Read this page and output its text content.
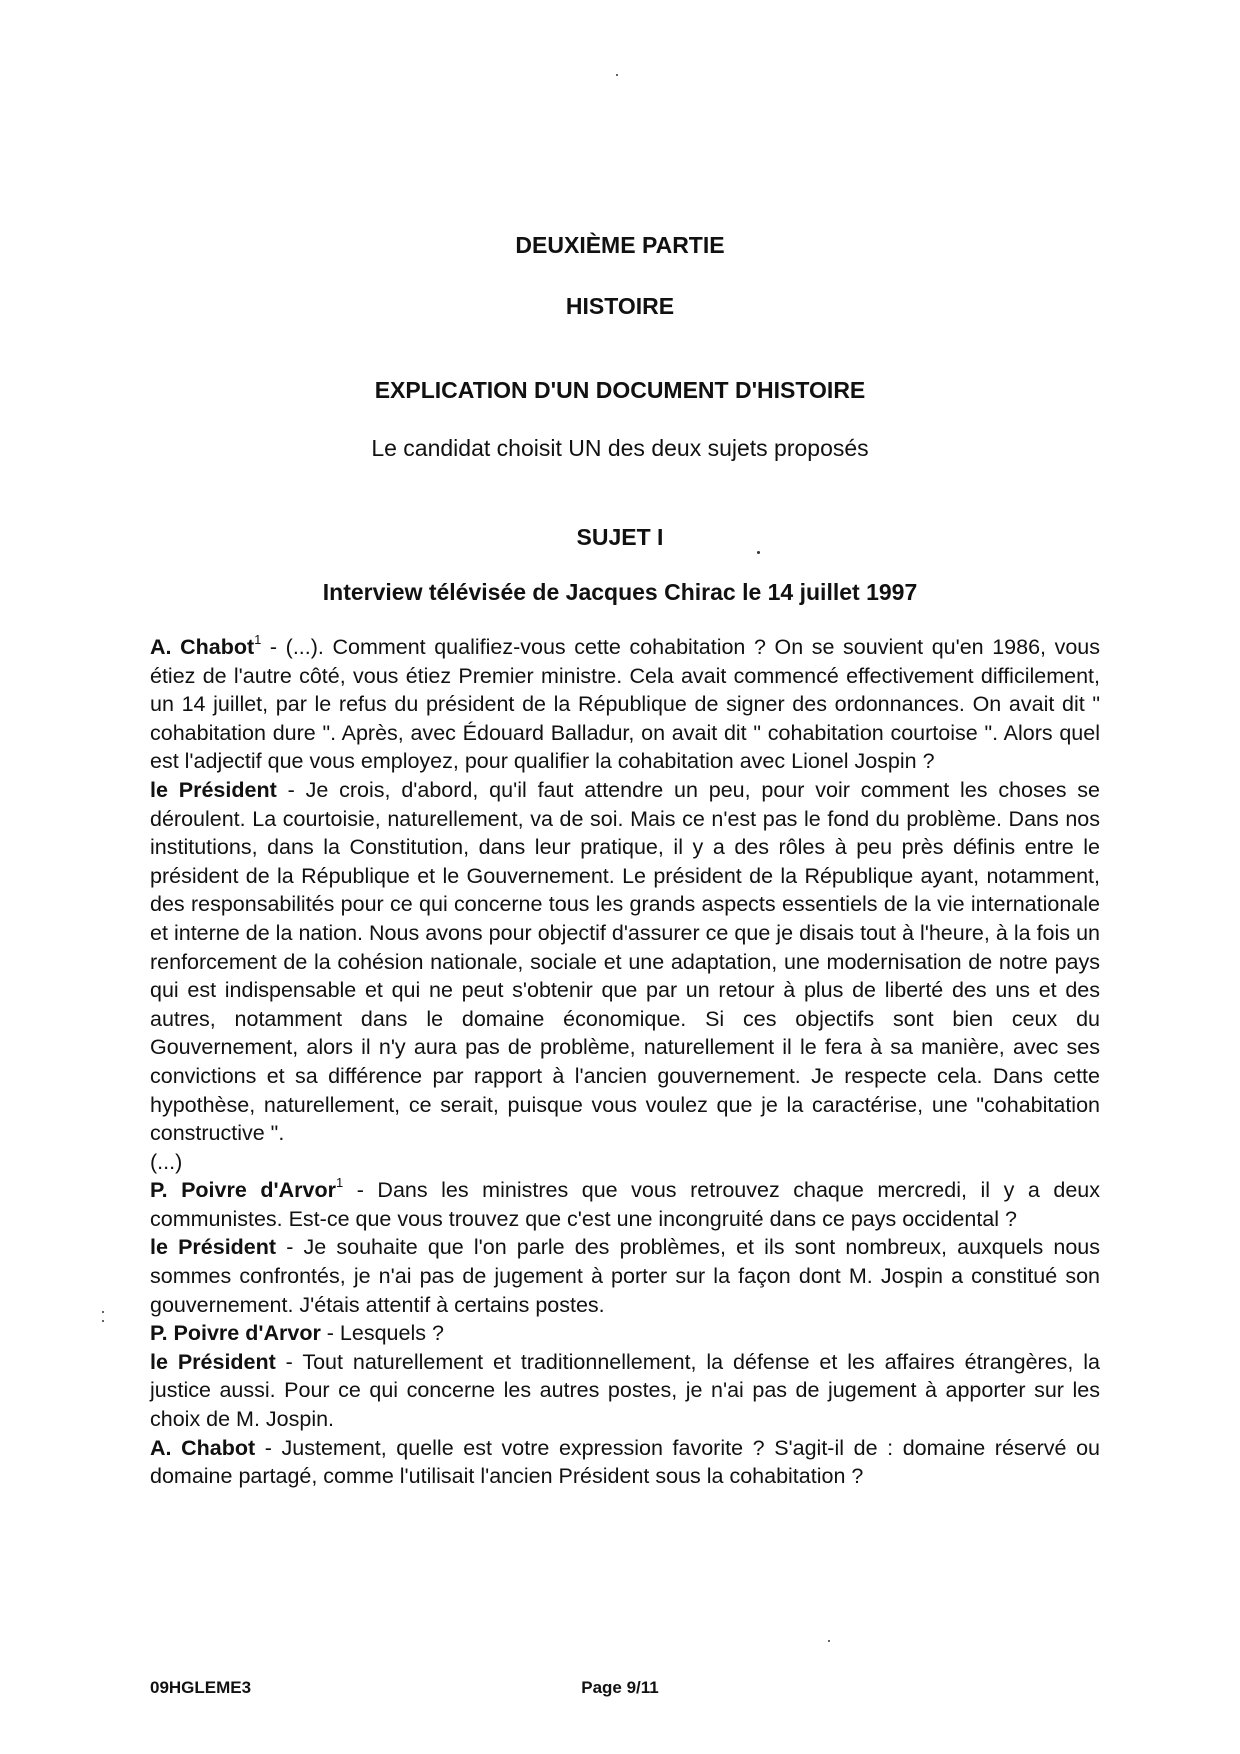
DEUXIÈME PARTIE
HISTOIRE
EXPLICATION D'UN DOCUMENT D'HISTOIRE
Le candidat choisit UN des deux sujets proposés
SUJET I
Interview télévisée de Jacques Chirac le 14 juillet 1997

A. Chabot$^1$ - (...). Comment qualifiez-vous cette cohabitation ? On se souvient qu'en 1986, vous étiez de l'autre côté, vous étiez Premier ministre. Cela avait commencé effectivement difficilement, un 14 juillet, par le refus du président de la République de signer des ordonnances. On avait dit " cohabitation dure ". Après, avec Édouard Balladur, on avait dit " cohabitation courtoise ". Alors quel est l'adjectif que vous employez, pour qualifier la cohabitation avec Lionel Jospin ?

le Président - Je crois, d'abord, qu'il faut attendre un peu, pour voir comment les choses se déroulent. La courtoisie, naturellement, va de soi. Mais ce n'est pas le fond du problème. Dans nos institutions, dans la Constitution, dans leur pratique, il y a des rôles à peu près définis entre le président de la République et le Gouvernement. Le président de la République ayant, notamment, des responsabilités pour ce qui concerne tous les grands aspects essentiels de la vie internationale et interne de la nation. Nous avons pour objectif d'assurer ce que je disais tout à l'heure, à la fois un renforcement de la cohésion nationale, sociale et une adaptation, une modernisation de notre pays qui est indispensable et qui ne peut s'obtenir que par un retour à plus de liberté des uns et des autres, notamment dans le domaine économique. Si ces objectifs sont bien ceux du Gouvernement, alors il n'y aura pas de problème, naturellement il le fera à sa manière, avec ses convictions et sa différence par rapport à l'ancien gouvernement. Je respecte cela. Dans cette hypothèse, naturellement, ce serait, puisque vous voulez que je la caractérise, une "cohabitation constructive ".

(...)

P. Poivre d'Arvor$^1$ - Dans les ministres que vous retrouvez chaque mercredi, il y a deux communistes. Est-ce que vous trouvez que c'est une incongruité dans ce pays occidental ?

le Président - Je souhaite que l'on parle des problèmes, et ils sont nombreux, auxquels nous sommes confrontés, je n'ai pas de jugement à porter sur la façon dont M. Jospin a constitué son gouvernement. J'étais attentif à certains postes.

P. Poivre d'Arvor - Lesquels ?

le Président - Tout naturellement et traditionnellement, la défense et les affaires étrangères, la justice aussi. Pour ce qui concerne les autres postes, je n'ai pas de jugement à apporter sur les choix de M. Jospin.

A. Chabot - Justement, quelle est votre expression favorite ? S'agit-il de : domaine réservé ou domaine partagé, comme l'utilisait l'ancien Président sous la cohabitation ?

09HGLEME3	Page 9/11
